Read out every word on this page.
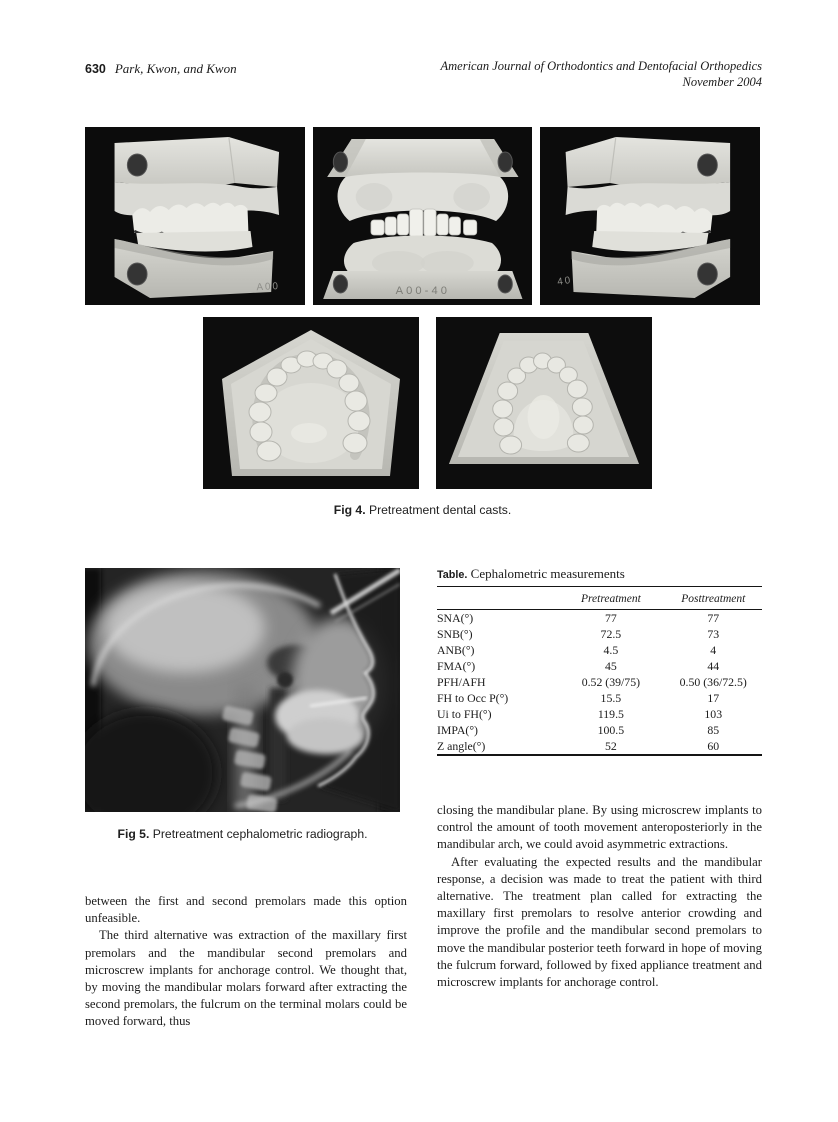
630 Park, Kwon, and Kwon	American Journal of Orthodontics and Dentofacial Orthopedics
November 2004
A00	A00-40
40
Fig 4. Pretreatment dental casts.
Fig 5. Pretreatment cephalometric radiograph.
Table. Cephalometric measurements
	Pretreatment	Posttreatment
SNA(°)	77	77
SNB(°)	72.5	73
ANB(°)	4.5	4
FMA(°)	45	44
PFH/AFH	0.52 (39/75)	0.50 (36/72.5)
FH to Occ P(°)	15.5	17
Ui to FH(°)	119.5	103
IMPA(°)	100.5	85
Z angle(°)	52	60

between the first and second premolars made this option unfeasible.

The third alternative was extraction of the maxillary first premolars and the mandibular second premolars and microscrew implants for anchorage control. We thought that, by moving the mandibular molars forward after extracting the second premolars, the fulcrum on the terminal molars could be moved forward, thus

closing the mandibular plane. By using microscrew implants to control the amount of tooth movement anteroposteriorly in the mandibular arch, we could avoid asymmetric extractions.

After evaluating the expected results and the mandibular response, a decision was made to treat the patient with third alternative. The treatment plan called for extracting the maxillary first premolars to resolve anterior crowding and improve the profile and the mandibular second premolars to move the mandibular posterior teeth forward in hope of moving the fulcrum forward, followed by fixed appliance treatment and microscrew implants for anchorage control.
